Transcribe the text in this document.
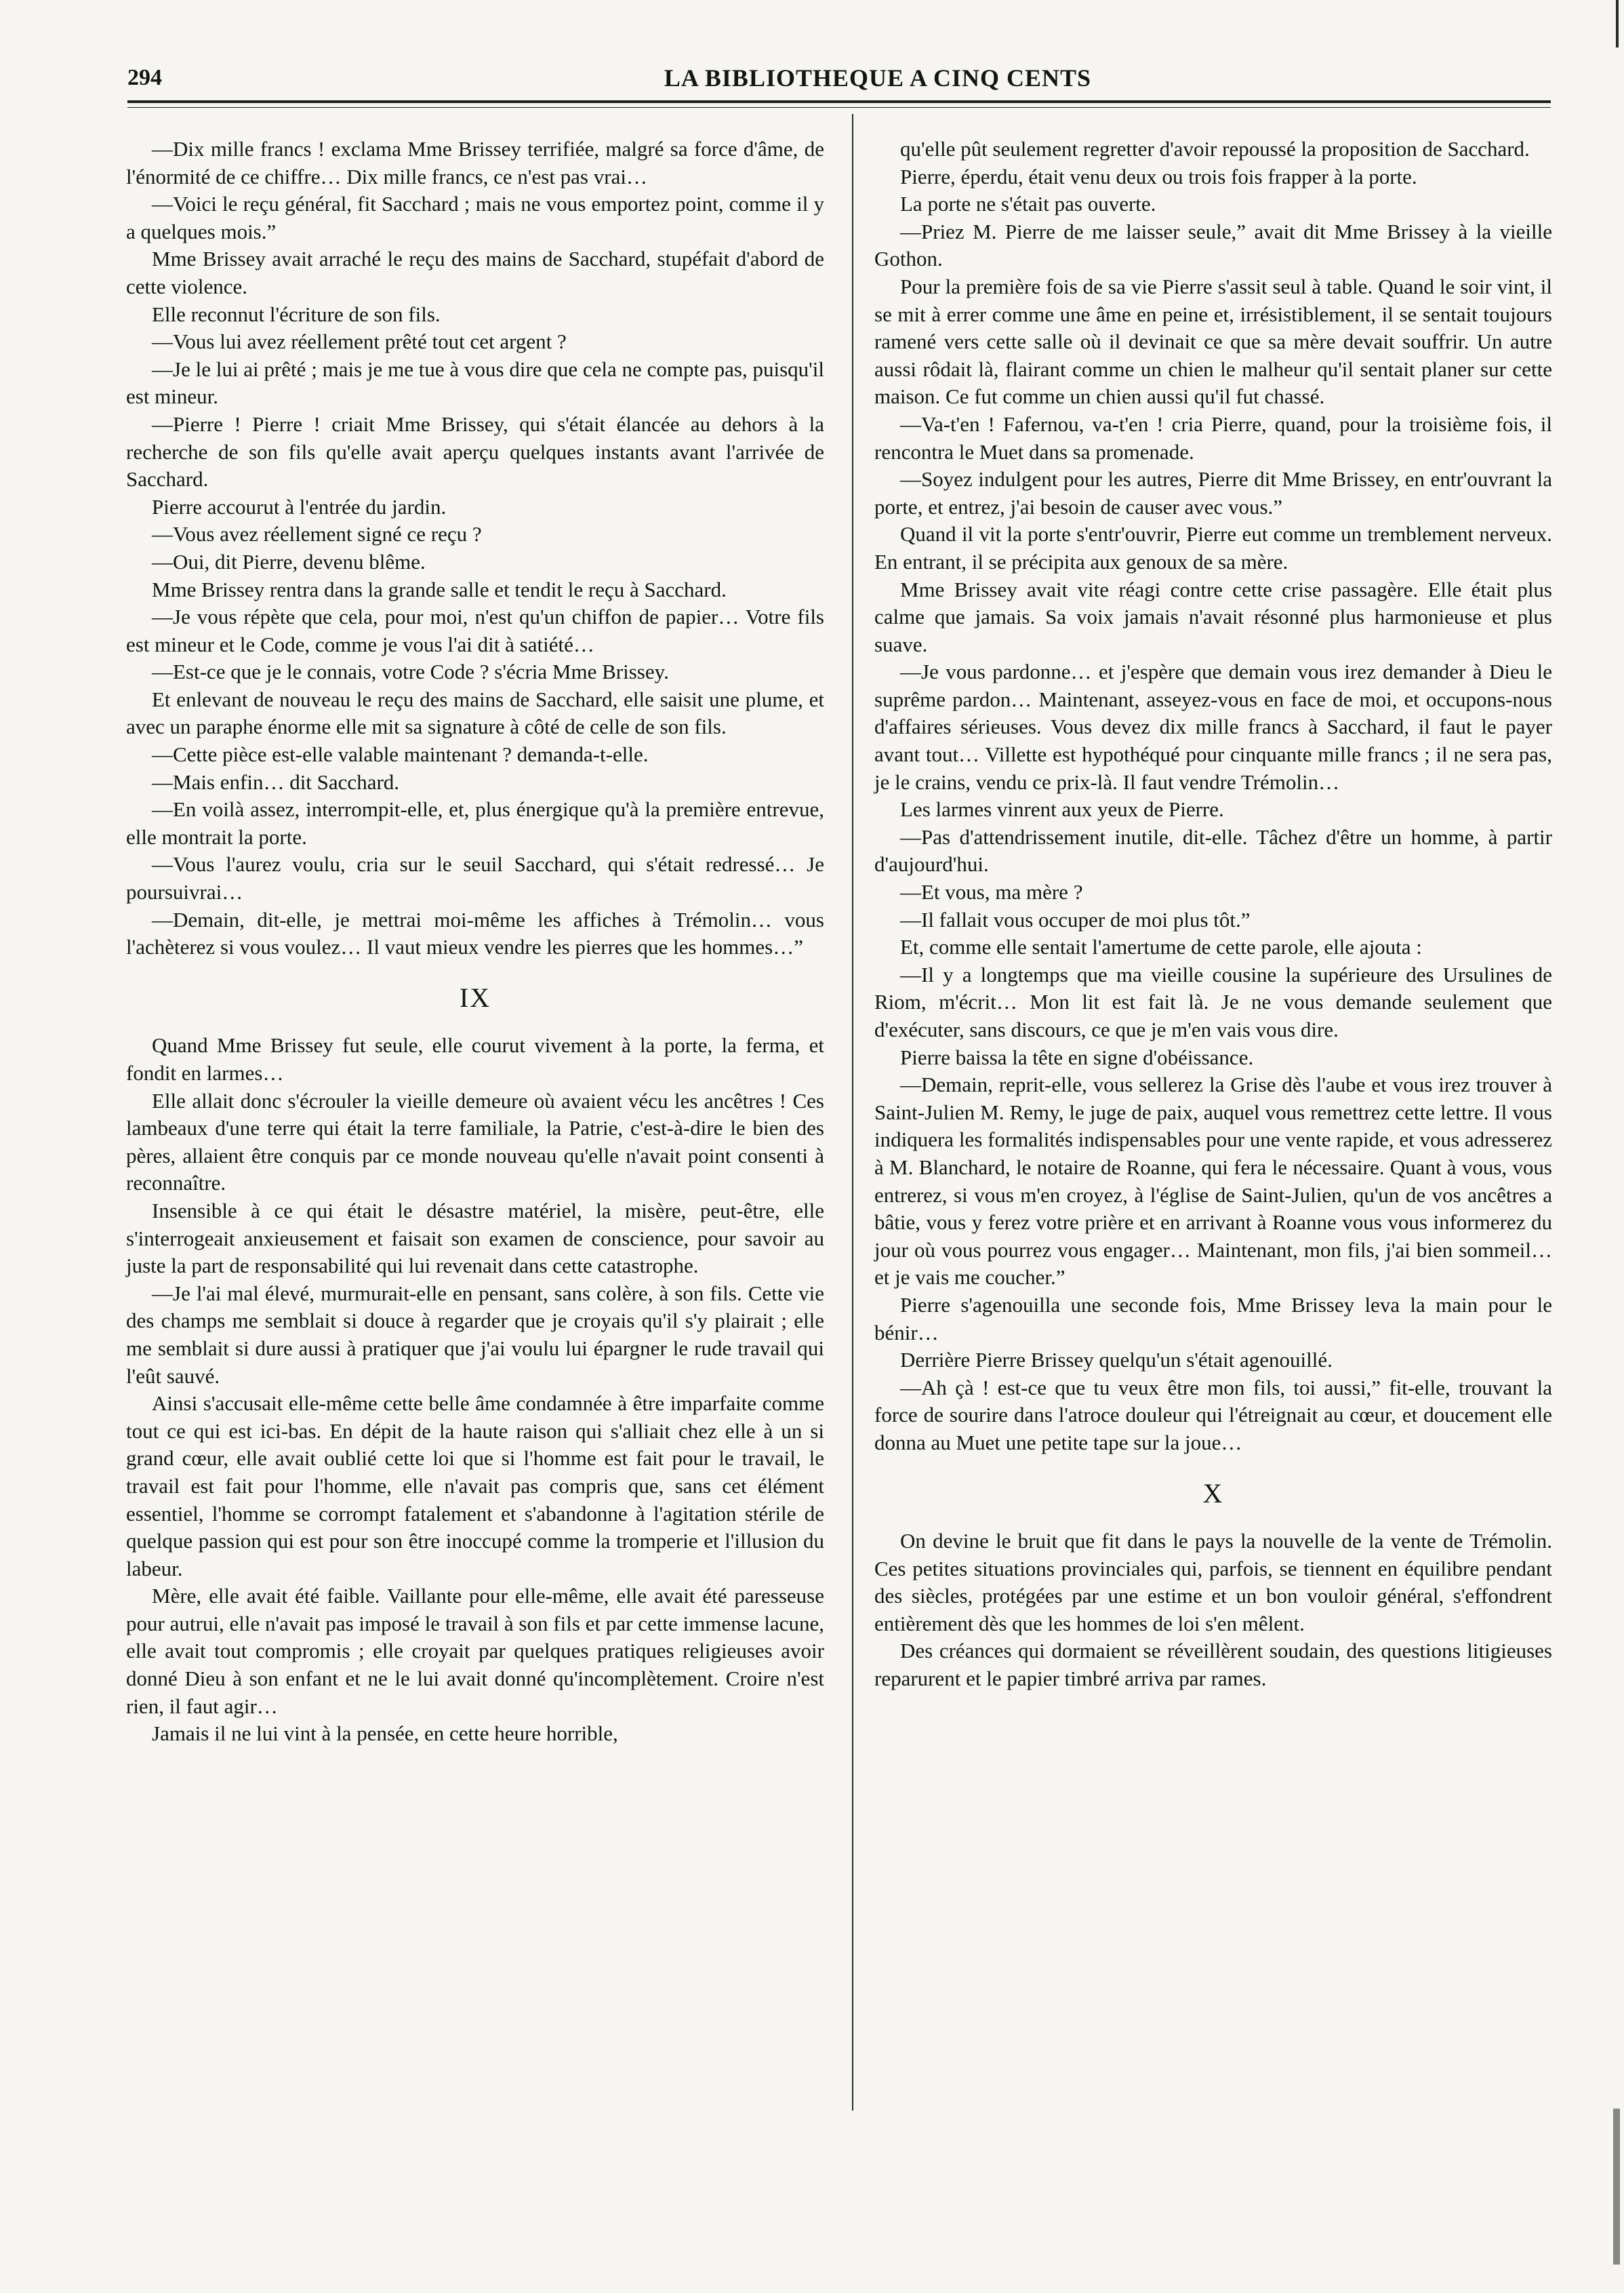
294	LA BIBLIOTHEQUE A CINQ CENTS

—Dix mille francs ! exclama Mme Brissey terrifiée, malgré sa force d'âme, de l'énormité de ce chiffre… Dix mille francs, ce n'est pas vrai…

—Voici le reçu général, fit Sacchard ; mais ne vous emportez point, comme il y a quelques mois.”

Mme Brissey avait arraché le reçu des mains de Sacchard, stupéfait d'abord de cette violence.

Elle reconnut l'écriture de son fils.

—Vous lui avez réellement prêté tout cet argent ?

—Je le lui ai prêté ; mais je me tue à vous dire que cela ne compte pas, puisqu'il est mineur.

—Pierre ! Pierre ! criait Mme Brissey, qui s'était élancée au dehors à la recherche de son fils qu'elle avait aperçu quelques instants avant l'arrivée de Sacchard.

Pierre accourut à l'entrée du jardin.

—Vous avez réellement signé ce reçu ?

—Oui, dit Pierre, devenu blême.

Mme Brissey rentra dans la grande salle et tendit le reçu à Sacchard.

—Je vous répète que cela, pour moi, n'est qu'un chiffon de papier… Votre fils est mineur et le Code, comme je vous l'ai dit à satiété…

—Est-ce que je le connais, votre Code ? s'écria Mme Brissey.

Et enlevant de nouveau le reçu des mains de Sacchard, elle saisit une plume, et avec un paraphe énorme elle mit sa signature à côté de celle de son fils.

—Cette pièce est-elle valable maintenant ? demanda-t-elle.

—Mais enfin… dit Sacchard.

—En voilà assez, interrompit-elle, et, plus énergique qu'à la première entrevue, elle montrait la porte.

—Vous l'aurez voulu, cria sur le seuil Sacchard, qui s'était redressé… Je poursuivrai…

—Demain, dit-elle, je mettrai moi-même les affiches à Trémolin… vous l'achèterez si vous voulez… Il vaut mieux vendre les pierres que les hommes…”

IX

Quand Mme Brissey fut seule, elle courut vivement à la porte, la ferma, et fondit en larmes…

Elle allait donc s'écrouler la vieille demeure où avaient vécu les ancêtres ! Ces lambeaux d'une terre qui était la terre familiale, la Patrie, c'est-à-dire le bien des pères, allaient être conquis par ce monde nouveau qu'elle n'avait point consenti à reconnaître.

Insensible à ce qui était le désastre matériel, la misère, peut-être, elle s'interrogeait anxieusement et faisait son examen de conscience, pour savoir au juste la part de responsabilité qui lui revenait dans cette catastrophe.

—Je l'ai mal élevé, murmurait-elle en pensant, sans colère, à son fils. Cette vie des champs me semblait si douce à regarder que je croyais qu'il s'y plairait ; elle me semblait si dure aussi à pratiquer que j'ai voulu lui épargner le rude travail qui l'eût sauvé.

Ainsi s'accusait elle-même cette belle âme condamnée à être imparfaite comme tout ce qui est ici-bas. En dépit de la haute raison qui s'alliait chez elle à un si grand cœur, elle avait oublié cette loi que si l'homme est fait pour le travail, le travail est fait pour l'homme, elle n'avait pas compris que, sans cet élément essentiel, l'homme se corrompt fatalement et s'abandonne à l'agitation stérile de quelque passion qui est pour son être inoccupé comme la tromperie et l'illusion du labeur.

Mère, elle avait été faible. Vaillante pour elle-même, elle avait été paresseuse pour autrui, elle n'avait pas imposé le travail à son fils et par cette immense lacune, elle avait tout compromis ; elle croyait par quelques pratiques religieuses avoir donné Dieu à son enfant et ne le lui avait donné qu'incomplètement. Croire n'est rien, il faut agir…

Jamais il ne lui vint à la pensée, en cette heure horrible,

qu'elle pût seulement regretter d'avoir repoussé la proposition de Sacchard.

Pierre, éperdu, était venu deux ou trois fois frapper à la porte.

La porte ne s'était pas ouverte.

—Priez M. Pierre de me laisser seule,” avait dit Mme Brissey à la vieille Gothon.

Pour la première fois de sa vie Pierre s'assit seul à table. Quand le soir vint, il se mit à errer comme une âme en peine et, irrésistiblement, il se sentait toujours ramené vers cette salle où il devinait ce que sa mère devait souffrir. Un autre aussi rôdait là, flairant comme un chien le malheur qu'il sentait planer sur cette maison. Ce fut comme un chien aussi qu'il fut chassé.

—Va-t'en ! Fafernou, va-t'en ! cria Pierre, quand, pour la troisième fois, il rencontra le Muet dans sa promenade.

—Soyez indulgent pour les autres, Pierre dit Mme Brissey, en entr'ouvrant la porte, et entrez, j'ai besoin de causer avec vous.”

Quand il vit la porte s'entr'ouvrir, Pierre eut comme un tremblement nerveux. En entrant, il se précipita aux genoux de sa mère.

Mme Brissey avait vite réagi contre cette crise passagère. Elle était plus calme que jamais. Sa voix jamais n'avait résonné plus harmonieuse et plus suave.

—Je vous pardonne… et j'espère que demain vous irez demander à Dieu le suprême pardon… Maintenant, asseyez-vous en face de moi, et occupons-nous d'affaires sérieuses. Vous devez dix mille francs à Sacchard, il faut le payer avant tout… Villette est hypothéqué pour cinquante mille francs ; il ne sera pas, je le crains, vendu ce prix-là. Il faut vendre Trémolin…

Les larmes vinrent aux yeux de Pierre.

—Pas d'attendrissement inutile, dit-elle. Tâchez d'être un homme, à partir d'aujourd'hui.

—Et vous, ma mère ?

—Il fallait vous occuper de moi plus tôt.”

Et, comme elle sentait l'amertume de cette parole, elle ajouta :

—Il y a longtemps que ma vieille cousine la supérieure des Ursulines de Riom, m'écrit… Mon lit est fait là. Je ne vous demande seulement que d'exécuter, sans discours, ce que je m'en vais vous dire.

Pierre baissa la tête en signe d'obéissance.

—Demain, reprit-elle, vous sellerez la Grise dès l'aube et vous irez trouver à Saint-Julien M. Remy, le juge de paix, auquel vous remettrez cette lettre. Il vous indiquera les formalités indispensables pour une vente rapide, et vous adresserez à M. Blanchard, le notaire de Roanne, qui fera le nécessaire. Quant à vous, vous entrerez, si vous m'en croyez, à l'église de Saint-Julien, qu'un de vos ancêtres a bâtie, vous y ferez votre prière et en arrivant à Roanne vous vous informerez du jour où vous pourrez vous engager… Maintenant, mon fils, j'ai bien sommeil… et je vais me coucher.”

Pierre s'agenouilla une seconde fois, Mme Brissey leva la main pour le bénir…

Derrière Pierre Brissey quelqu'un s'était agenouillé.

—Ah çà ! est-ce que tu veux être mon fils, toi aussi,” fit-elle, trouvant la force de sourire dans l'atroce douleur qui l'étreignait au cœur, et doucement elle donna au Muet une petite tape sur la joue…

X

On devine le bruit que fit dans le pays la nouvelle de la vente de Trémolin. Ces petites situations provinciales qui, parfois, se tiennent en équilibre pendant des siècles, protégées par une estime et un bon vouloir général, s'effondrent entièrement dès que les hommes de loi s'en mêlent.

Des créances qui dormaient se réveillèrent soudain, des questions litigieuses reparurent et le papier timbré arriva par rames.
